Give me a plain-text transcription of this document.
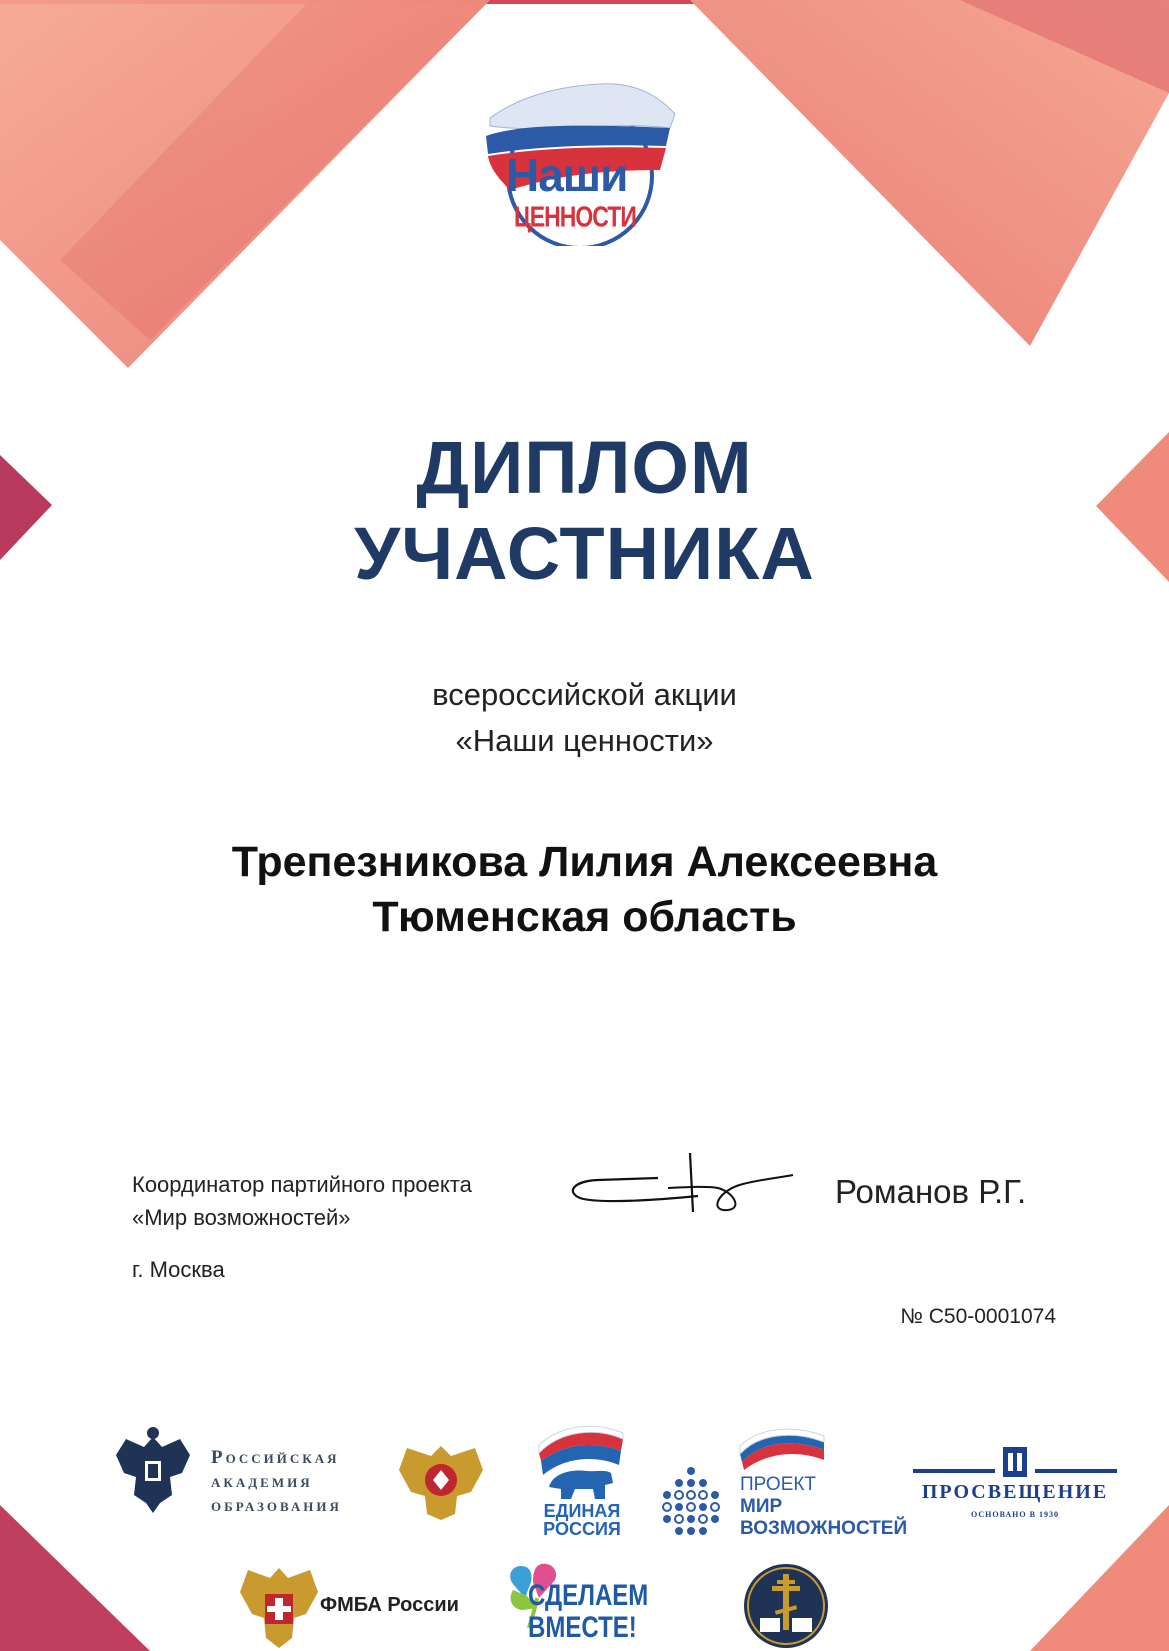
Наши
ЦЕННОСТИ
ДИПЛОМ
УЧАСТНИКА
всероссийской акции
«Наши ценности»
Трепезникова Лилия Алексеевна
Тюменская область
Координатор партийного проекта
«Мир возможностей»
г. Москва
Романов Р.Г.
№ С50-0001074
Российская
академия
образования	ЕДИНАЯ
РОССИЯ
ПРОЕКТ
МИР
ВОЗМОЖНОСТЕЙ
ПРОСВЕЩЕНИЕ
ОСНОВАНО В 1930
ФМБА России СДЕЛАЕМ
ВМЕСТЕ!
